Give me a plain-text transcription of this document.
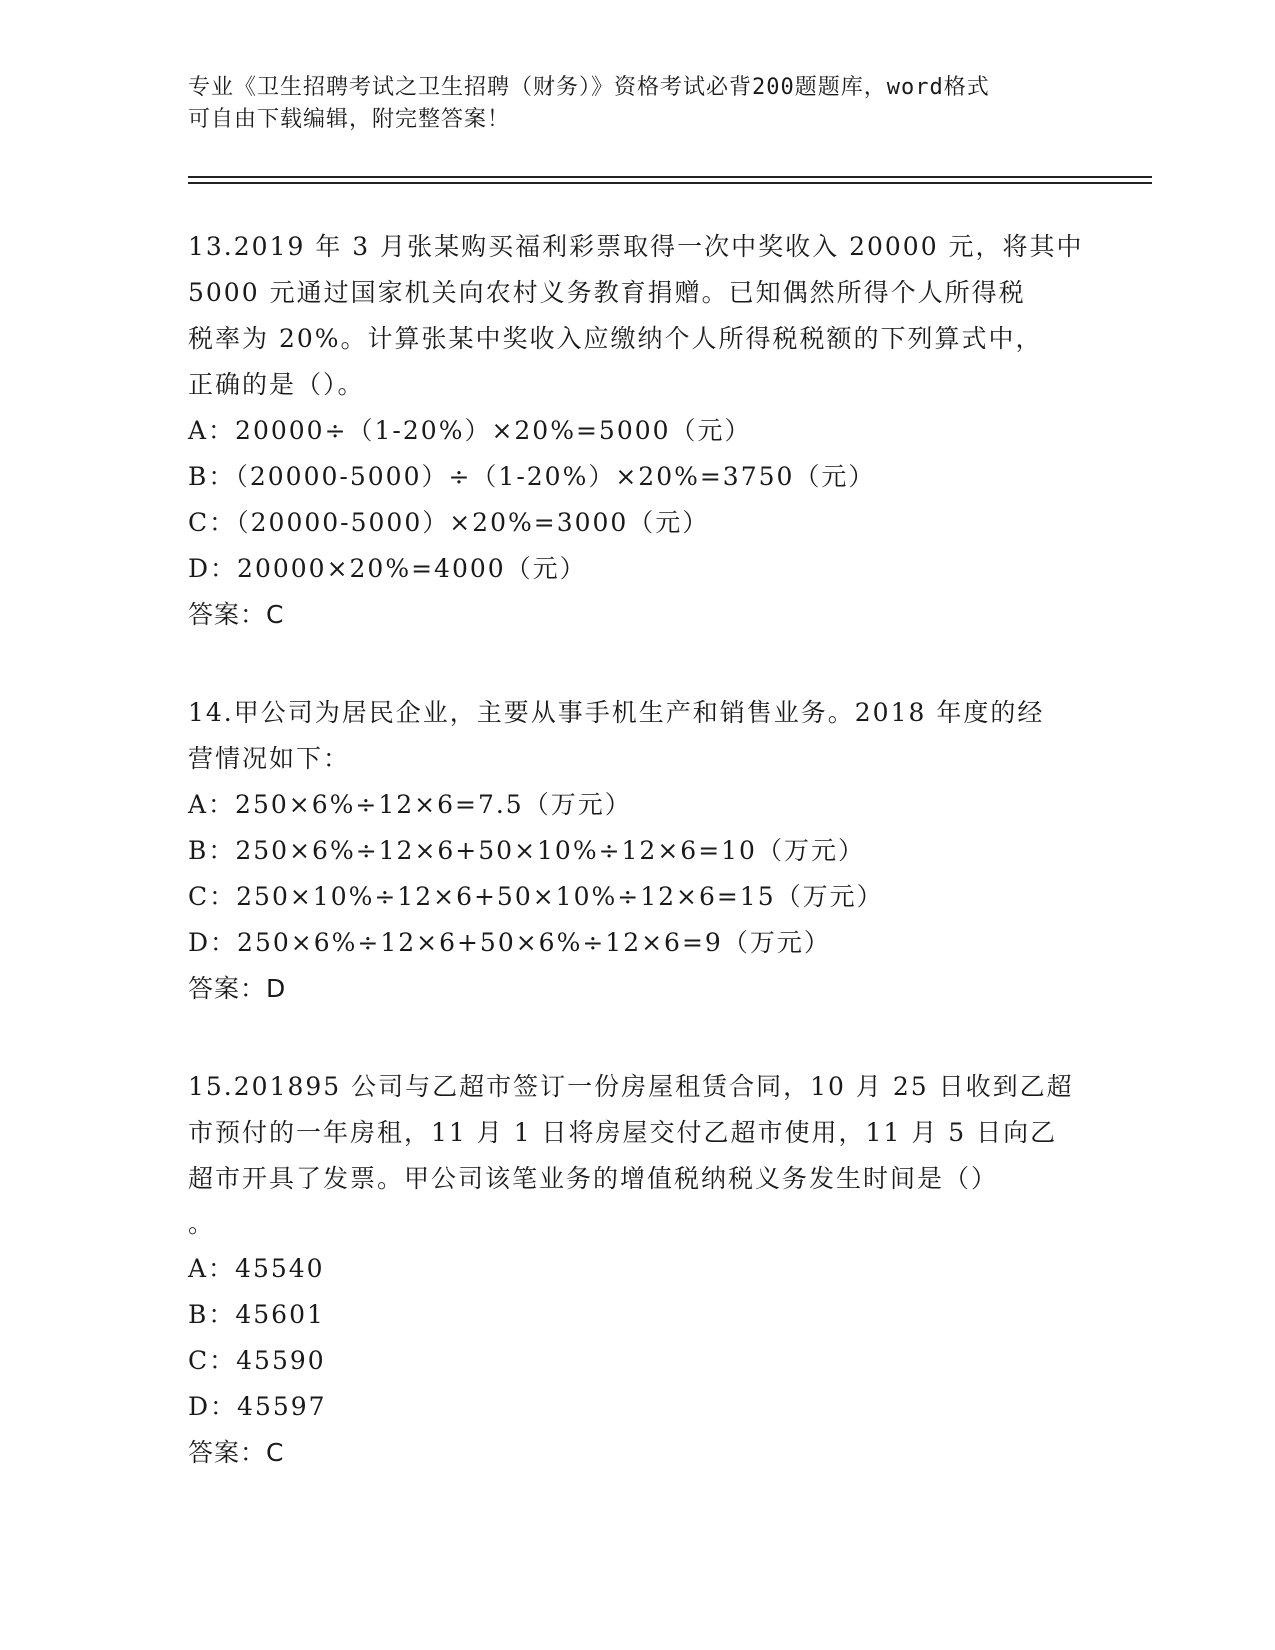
专业《卫生招聘考试之卫生招聘（财务）》资格考试必背200题题库，word格式
可自由下载编辑，附完整答案！
13.2019 年 3 月张某购买福利彩票取得一次中奖收入 20000 元，将其中
5000 元通过国家机关向农村义务教育捐赠。已知偶然所得个人所得税
税率为 20%。计算张某中奖收入应缴纳个人所得税税额的下列算式中，
正确的是（）。
A：20000÷（1-20%）×20%=5000（元）
B：（20000-5000）÷（1-20%）×20%=3750（元）
C：（20000-5000）×20%=3000（元）
D：20000×20%=4000（元）
答案：C
14.甲公司为居民企业，主要从事手机生产和销售业务。2018 年度的经
营情况如下：
A：250×6%÷12×6=7.5（万元）
B：250×6%÷12×6+50×10%÷12×6=10（万元）
C：250×10%÷12×6+50×10%÷12×6=15（万元）
D：250×6%÷12×6+50×6%÷12×6=9（万元）
答案：D
15.201895 公司与乙超市签订一份房屋租赁合同，10 月 25 日收到乙超
市预付的一年房租，11 月 1 日将房屋交付乙超市使用，11 月 5 日向乙
超市开具了发票。甲公司该笔业务的增值税纳税义务发生时间是（）
。
A：45540
B：45601
C：45590
D：45597
答案：C
